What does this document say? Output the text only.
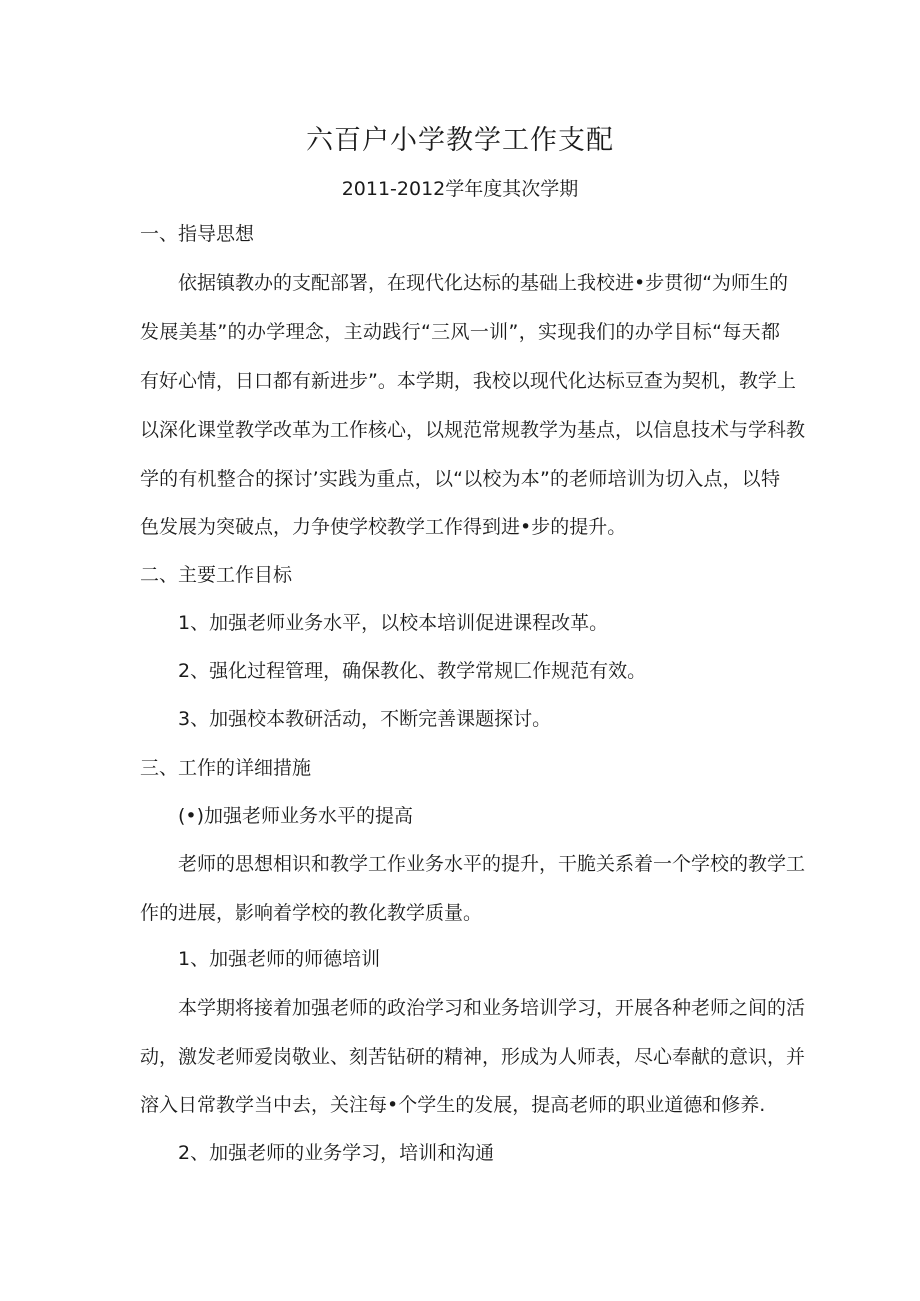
六百户小学教学工作支配
2011-2012学年度其次学期
一、指导思想
依据镇教办的支配部署，在现代化达标的基础上我校进•步贯彻“为师生的
发展美基”的办学理念，主动践行“三风一训”，实现我们的办学目标“每天都
有好心情，日口都有新进步”。本学期，我校以现代化达标豆查为契机，教学上
以深化课堂教学改革为工作核心，以规范常规教学为基点，以信息技术与学科教
学的有机整合的探讨’实践为重点，以“以校为本”的老师培训为切入点，以特
色发展为突破点，力争使学校教学工作得到进•步的提升。
二、主要工作目标
1、加强老师业务水平，以校本培训促进课程改革。
2、强化过程管理，确保教化、教学常规匚作规范有效。
3、加强校本教研活动，不断完善课题探讨。
三、工作的详细措施
(•)加强老师业务水平的提高
老师的思想相识和教学工作业务水平的提升，干脆关系着一个学校的教学工
作的进展，影响着学校的教化教学质量。
1、加强老师的师德培训
本学期将接着加强老师的政治学习和业务培训学习，开展各种老师之间的活
动，激发老师爱岗敬业、刻苦钻研的精神，形成为人师表，尽心奉献的意识，并
溶入日常教学当中去，关注每•个学生的发展，提高老师的职业道德和修养.
2、加强老师的业务学习，培训和沟通
